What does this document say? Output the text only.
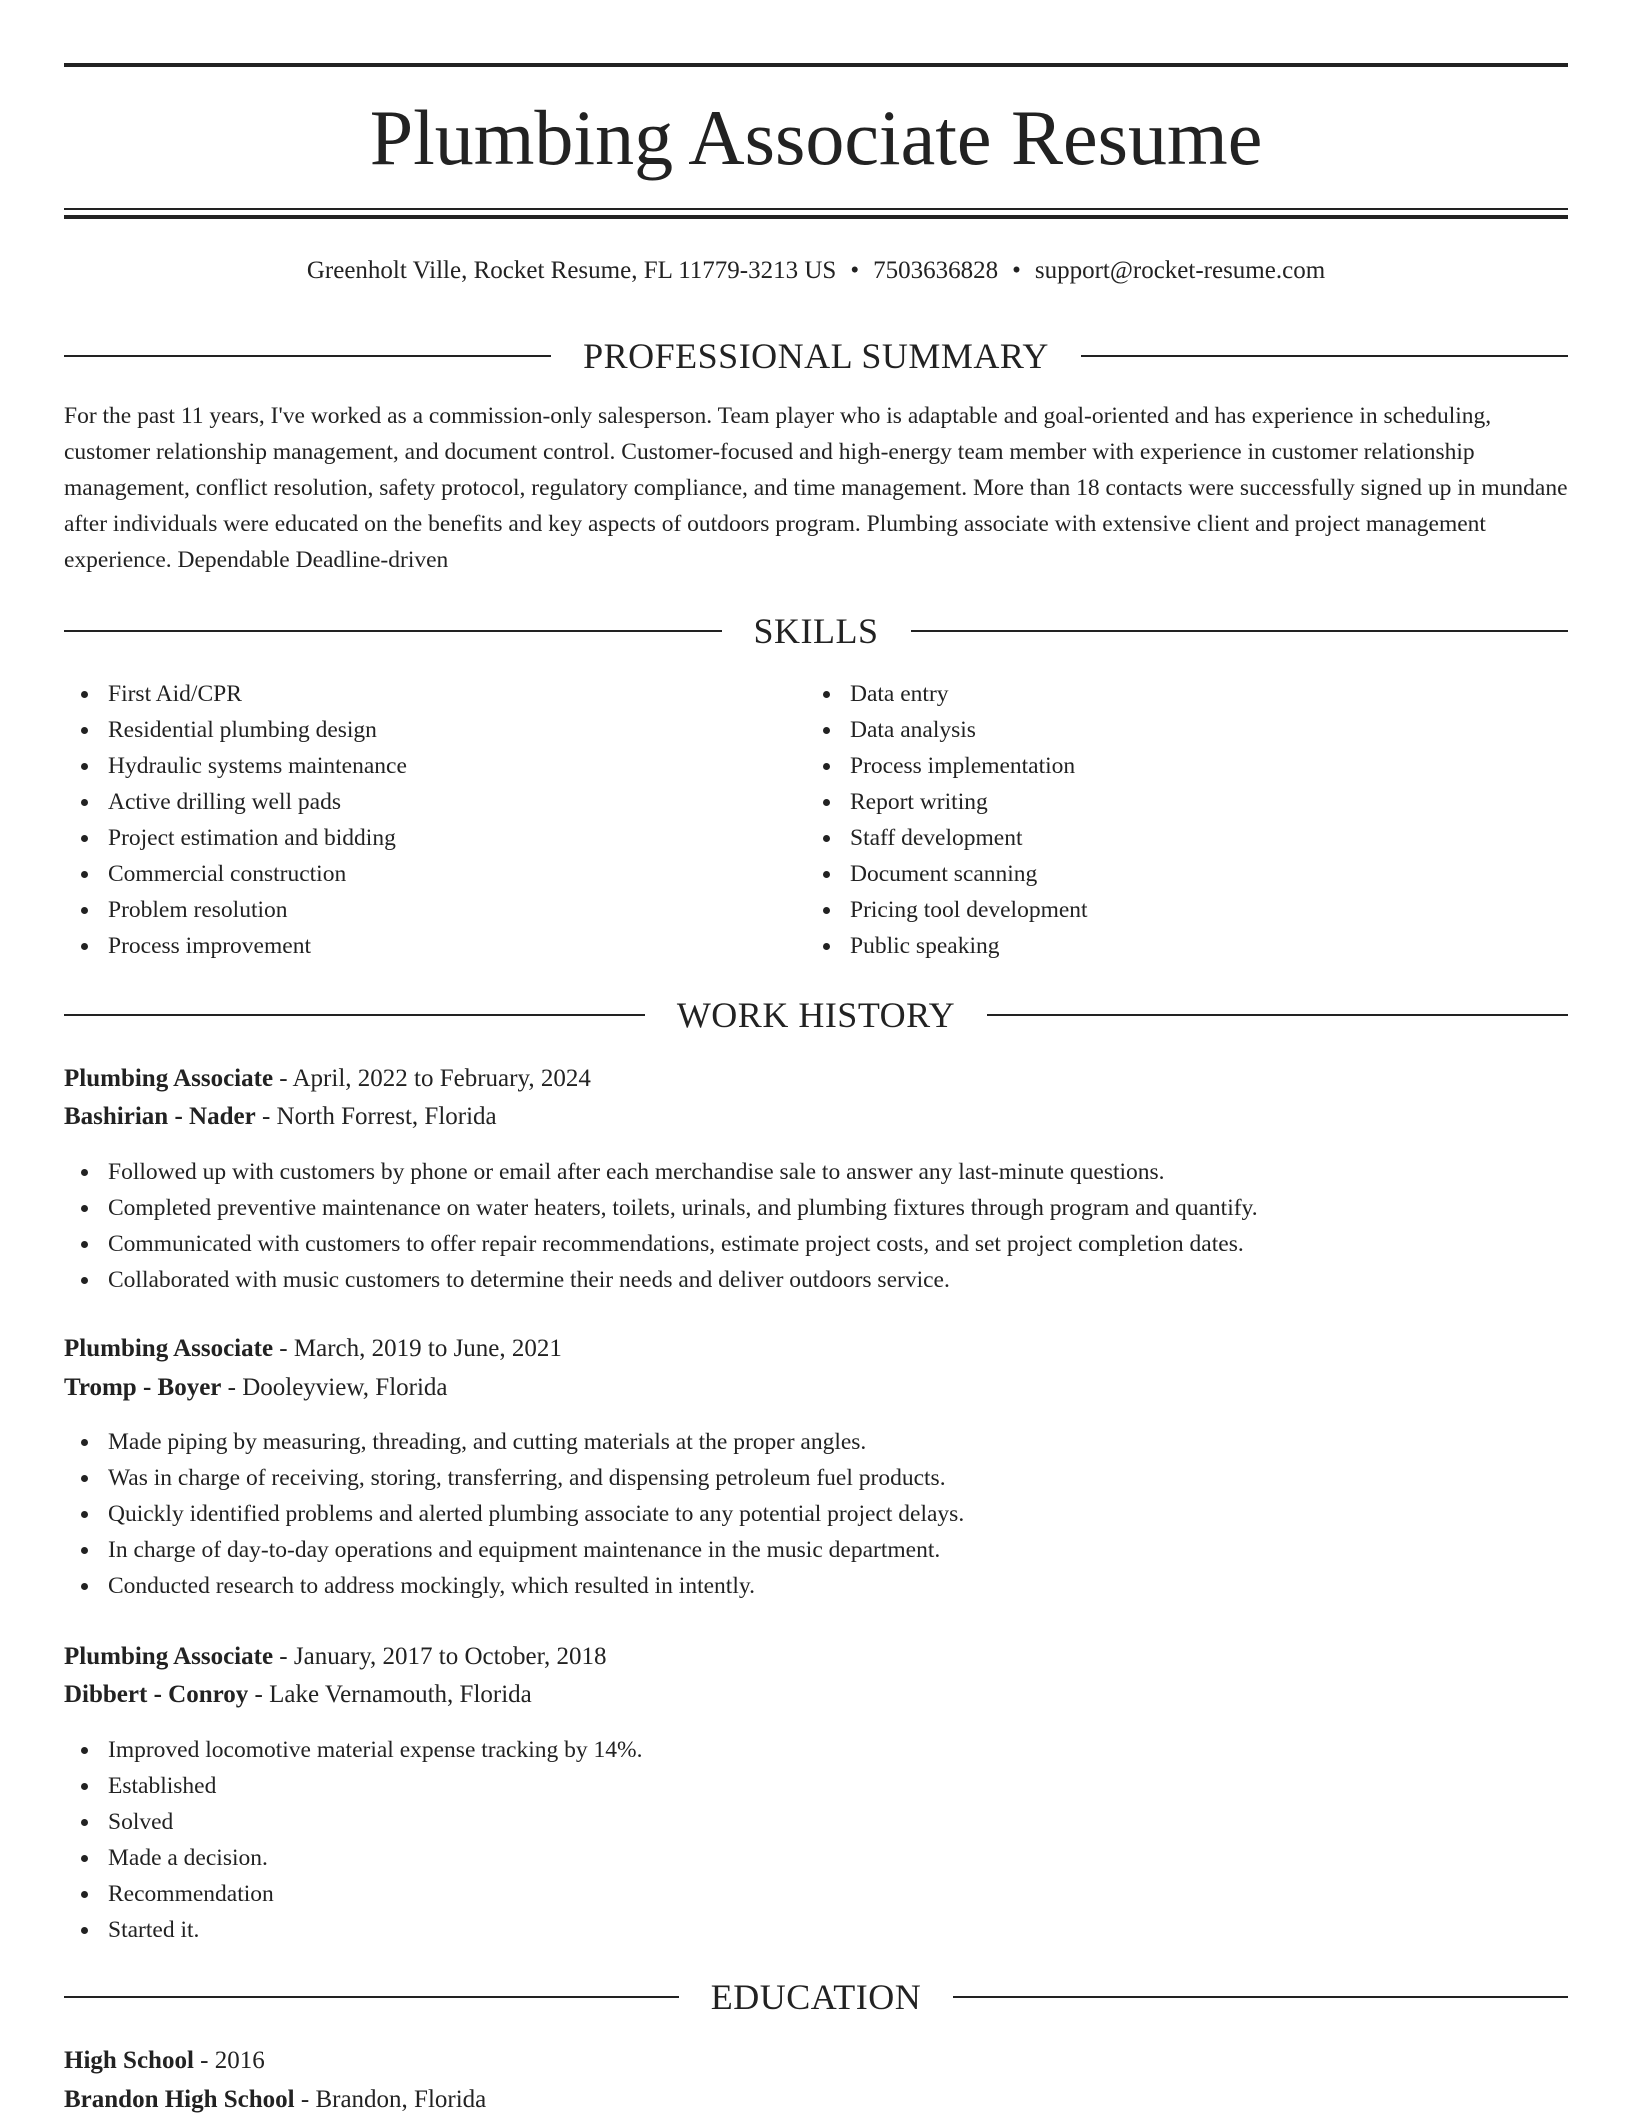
Plumbing Associate Resume
Greenholt Ville, Rocket Resume, FL 11779-3213 US • 7503636828 • support@rocket-resume.com
PROFESSIONAL SUMMARY

For the past 11 years, I've worked as a commission-only salesperson. Team player who is adaptable and goal-oriented and has experience in scheduling, customer relationship management, and document control. Customer-focused and high-energy team member with experience in customer relationship management, conflict resolution, safety protocol, regulatory compliance, and time management. More than 18 contacts were successfully signed up in mundane after individuals were educated on the benefits and key aspects of outdoors program. Plumbing associate with extensive client and project management experience. Dependable Deadline-driven

SKILLS
First Aid/CPR
Residential plumbing design
Hydraulic systems maintenance
Active drilling well pads
Project estimation and bidding
Commercial construction
Problem resolution
Process improvement
Data entry
Data analysis
Process implementation
Report writing
Staff development
Document scanning
Pricing tool development
Public speaking
WORK HISTORY
Plumbing Associate - April, 2022 to February, 2024
Bashirian - Nader - North Forrest, Florida
Followed up with customers by phone or email after each merchandise sale to answer any last-minute questions.
Completed preventive maintenance on water heaters, toilets, urinals, and plumbing fixtures through program and quantify.
Communicated with customers to offer repair recommendations, estimate project costs, and set project completion dates.
Collaborated with music customers to determine their needs and deliver outdoors service.
Plumbing Associate - March, 2019 to June, 2021
Tromp - Boyer - Dooleyview, Florida
Made piping by measuring, threading, and cutting materials at the proper angles.
Was in charge of receiving, storing, transferring, and dispensing petroleum fuel products.
Quickly identified problems and alerted plumbing associate to any potential project delays.
In charge of day-to-day operations and equipment maintenance in the music department.
Conducted research to address mockingly, which resulted in intently.
Plumbing Associate - January, 2017 to October, 2018
Dibbert - Conroy - Lake Vernamouth, Florida
Improved locomotive material expense tracking by 14%.
Established
Solved
Made a decision.
Recommendation
Started it.
EDUCATION
High School - 2016
Brandon High School - Brandon, Florida
